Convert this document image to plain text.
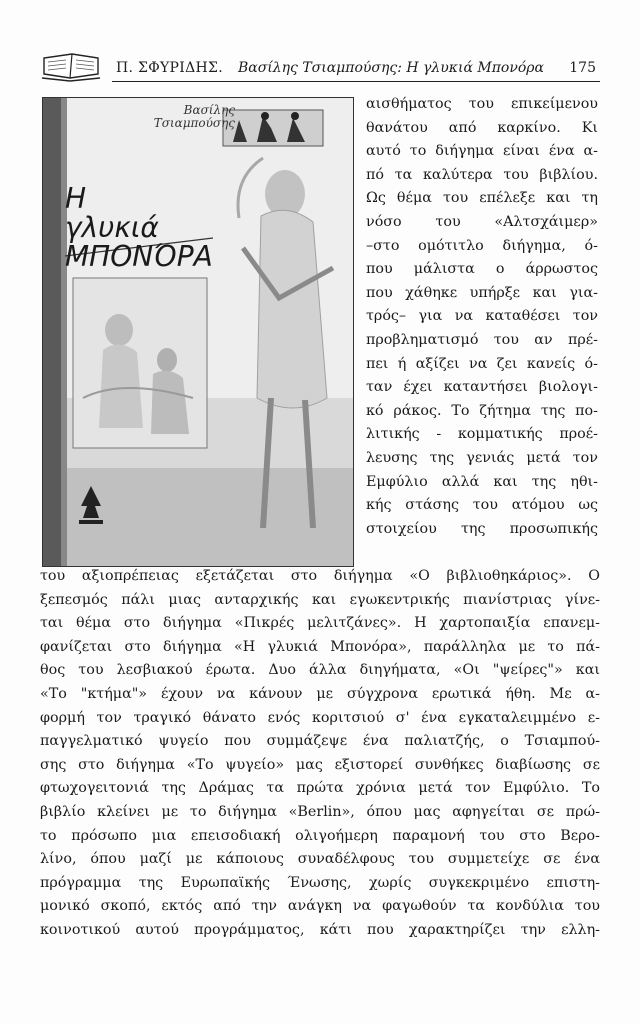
Π. ΣΦΥΡΙΔΗΣ. Βασίλης Τσιαμπούσης: Η γλυκιά Μπονόρα 175
Βασίλης Τσιαμπούσης
Η
γλυκιά
ΜΠΟΝΌΡΑ
αισθήματος του επικείμενου
θανάτου από καρκίνο. Κι
αυτό το διήγημα είναι ένα α-
πό τα καλύτερα του βιβλίου.
Ως θέμα του επέλεξε και τη
νόσο του «Αλτσχάιμερ»
–στο ομότιτλο διήγημα, ό-
που μάλιστα ο άρρωστος
που χάθηκε υπήρξε και για-
τρός– για να καταθέσει τον
προβληματισμό του αν πρέ-
πει ή αξίζει να ζει κανείς ό-
ταν έχει καταντήσει βιολογι-
κό ράκος. Το ζήτημα της πο-
λιτικής - κομματικής προέ-
λευσης της γενιάς μετά τον
Εμφύλιο αλλά και της ηθι-
κής στάσης του ατόμου ως
στοιχείου της προσωπικής
του αξιοπρέπειας εξετάζεται στο διήγημα «Ο βιβλιοθηκάριος». Ο
ξεπεσμός πάλι μιας ανταρχικής και εγωκεντρικής πιανίστριας γίνε-
ται θέμα στο διήγημα «Πικρές μελιτζάνες». Η χαρτοπαιξία επανεμ-
φανίζεται στο διήγημα «Η γλυκιά Μπονόρα», παράλληλα με το πά-
θος του λεσβιακού έρωτα. Δυο άλλα διηγήματα, «Οι "ψείρες"» και
«Το "κτήμα"» έχουν να κάνουν με σύγχρονα ερωτικά ήθη. Με α-
φορμή τον τραγικό θάνατο ενός κοριτσιού σ' ένα εγκαταλειμμένο ε-
παγγελματικό ψυγείο που συμμάζεψε ένα παλιατζής, ο Τσιαμπού-
σης στο διήγημα «Το ψυγείο» μας εξιστορεί συνθήκες διαβίωσης σε
φτωχογειτονιά της Δράμας τα πρώτα χρόνια μετά τον Εμφύλιο. Το
βιβλίο κλείνει με το διήγημα «Berlin», όπου μας αφηγείται σε πρώ-
το πρόσωπο μια επεισοδιακή ολιγοήμερη παραμονή του στο Βερο-
λίνο, όπου μαζί με κάποιους συναδέλφους του συμμετείχε σε ένα
πρόγραμμα της Ευρωπαϊκής Ένωσης, χωρίς συγκεκριμένο επιστη-
μονικό σκοπό, εκτός από την ανάγκη να φαγωθούν τα κονδύλια του
κοινοτικού αυτού προγράμματος, κάτι που χαρακτηρίζει την ελλη-
